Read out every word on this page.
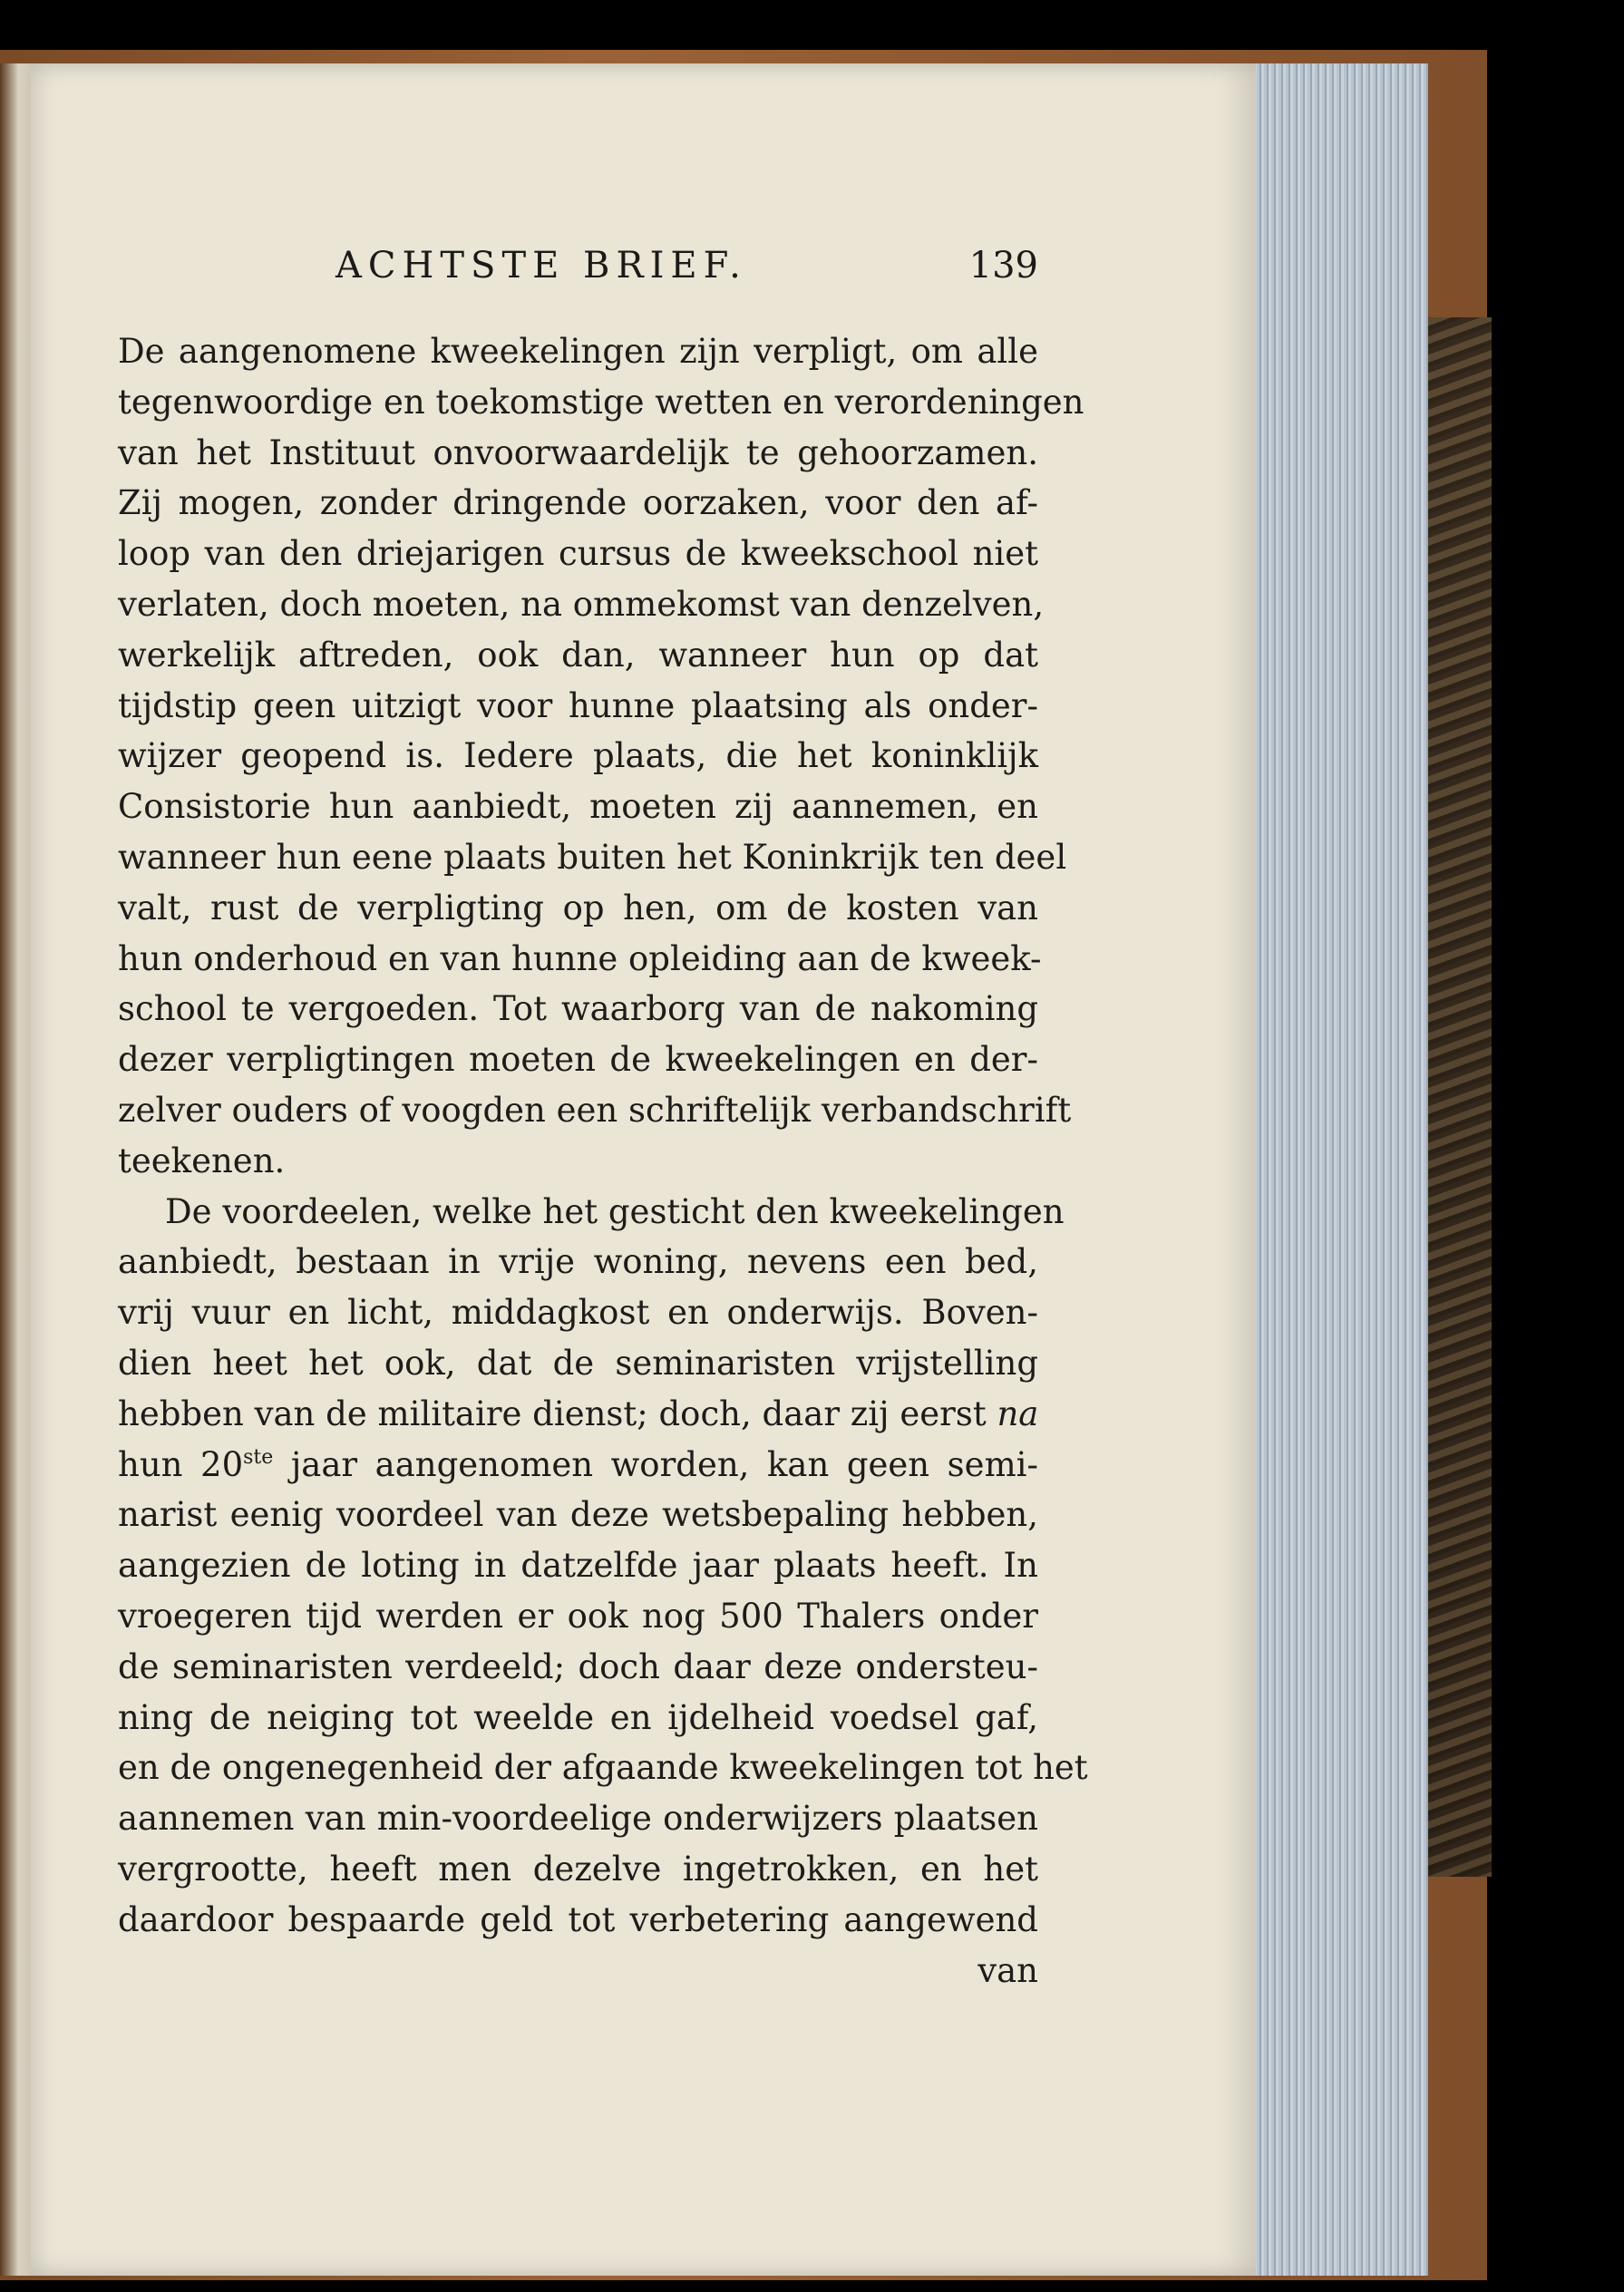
ACHTSTE BRIEF.	139
De aangenomene kweekelingen zijn verpligt, om alle
tegenwoordige en toekomstige wetten en verordeningen
van het Instituut onvoorwaardelijk te gehoorzamen.
Zij mogen, zonder dringende oorzaken, voor den af-
loop van den driejarigen cursus de kweekschool niet
verlaten, doch moeten, na ommekomst van denzelven,
werkelijk aftreden, ook dan, wanneer hun op dat
tijdstip geen uitzigt voor hunne plaatsing als onder-
wijzer geopend is. Iedere plaats, die het koninklijk
Consistorie hun aanbiedt, moeten zij aannemen, en
wanneer hun eene plaats buiten het Koninkrijk ten deel
valt, rust de verpligting op hen, om de kosten van
hun onderhoud en van hunne opleiding aan de kweek-
school te vergoeden. Tot waarborg van de nakoming
dezer verpligtingen moeten de kweekelingen en der-
zelver ouders of voogden een schriftelijk verbandschrift
teekenen.
De voordeelen, welke het gesticht den kweekelingen
aanbiedt, bestaan in vrije woning, nevens een bed,
vrij vuur en licht, middagkost en onderwijs. Boven-
dien heet het ook, dat de seminaristen vrijstelling
hebben van de militaire dienst; doch, daar zij eerst na
hun 20ste jaar aangenomen worden, kan geen semi-
narist eenig voordeel van deze wetsbepaling hebben,
aangezien de loting in datzelfde jaar plaats heeft. In
vroegeren tijd werden er ook nog 500 Thalers onder
de seminaristen verdeeld; doch daar deze ondersteu-
ning de neiging tot weelde en ijdelheid voedsel gaf,
en de ongenegenheid der afgaande kweekelingen tot het
aannemen van min-voordeelige onderwijzers plaatsen
vergrootte, heeft men dezelve ingetrokken, en het
daardoor bespaarde geld tot verbetering aangewend
van
